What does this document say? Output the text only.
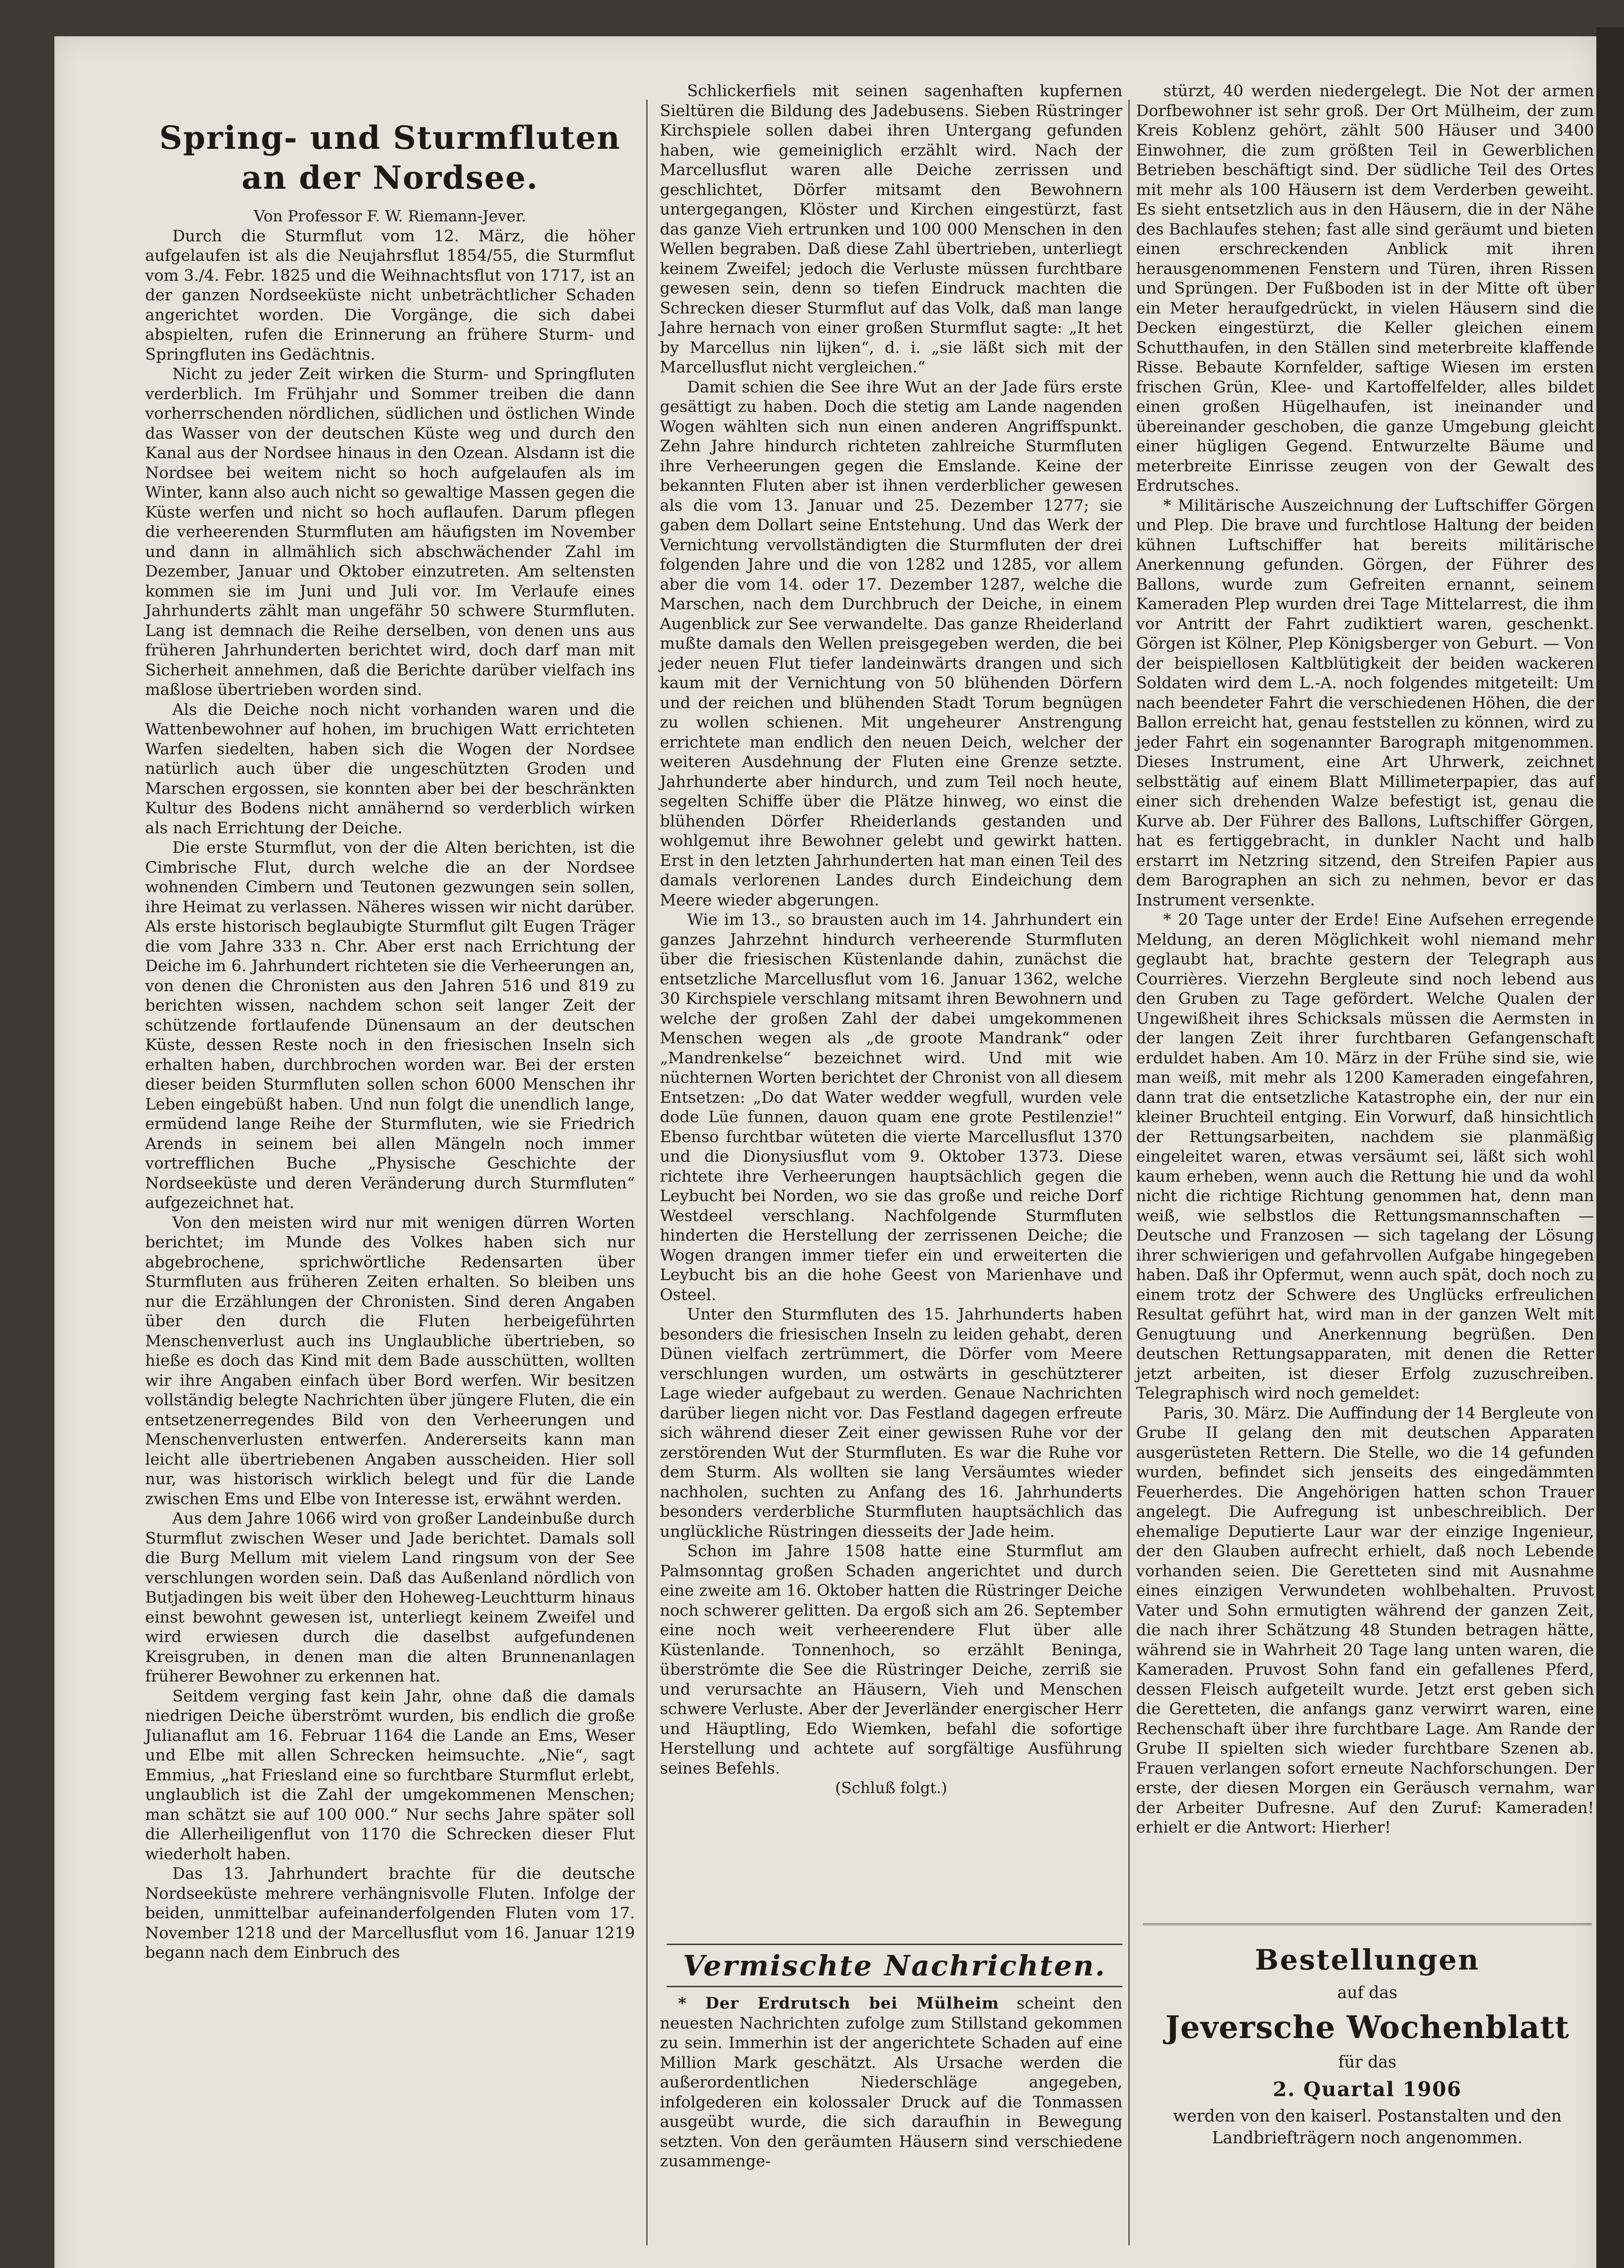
Spring- und Sturmfluten an der Nordsee.

Von Professor F. W. Riemann-Jever.

Durch die Sturmflut vom 12. März, die höher aufgelaufen ist als die Neujahrsflut 1854/55, die Sturmflut vom 3./4. Febr. 1825 und die Weihnachtsflut von 1717, ist an der ganzen Nordseeküste nicht unbeträchtlicher Schaden angerichtet worden. Die Vorgänge, die sich dabei abspielten, rufen die Erinnerung an frühere Sturm- und Springfluten ins Gedächtnis.

Nicht zu jeder Zeit wirken die Sturm- und Springfluten verderblich. Im Frühjahr und Sommer treiben die dann vorherrschenden nördlichen, südlichen und östlichen Winde das Wasser von der deutschen Küste weg und durch den Kanal aus der Nordsee hinaus in den Ozean. Alsdann ist die Nordsee bei weitem nicht so hoch aufgelaufen als im Winter, kann also auch nicht so gewaltige Massen gegen die Küste werfen und nicht so hoch auflaufen. Darum pflegen die verheerenden Sturmfluten am häufigsten im November und dann in allmählich sich abschwächender Zahl im Dezember, Januar und Oktober einzutreten. Am seltensten kommen sie im Juni und Juli vor. Im Verlaufe eines Jahrhunderts zählt man ungefähr 50 schwere Sturmfluten. Lang ist demnach die Reihe derselben, von denen uns aus früheren Jahrhunderten berichtet wird, doch darf man mit Sicherheit annehmen, daß die Berichte darüber vielfach ins maßlose übertrieben worden sind.

Als die Deiche noch nicht vorhanden waren und die Wattenbewohner auf hohen, im bruchigen Watt errichteten Warfen siedelten, haben sich die Wogen der Nordsee natürlich auch über die ungeschützten Groden und Marschen ergossen, sie konnten aber bei der beschränkten Kultur des Bodens nicht annähernd so verderblich wirken als nach Errichtung der Deiche.

Die erste Sturmflut, von der die Alten berichten, ist die Cimbrische Flut, durch welche die an der Nordsee wohnenden Cimbern und Teutonen gezwungen sein sollen, ihre Heimat zu verlassen. Näheres wissen wir nicht darüber. Als erste historisch beglaubigte Sturmflut gilt Eugen Träger die vom Jahre 333 n. Chr. Aber erst nach Errichtung der Deiche im 6. Jahrhundert richteten sie die Verheerungen an, von denen die Chronisten aus den Jahren 516 und 819 zu berichten wissen, nachdem schon seit langer Zeit der schützende fortlaufende Dünensaum an der deutschen Küste, dessen Reste noch in den friesischen Inseln sich erhalten haben, durchbrochen worden war. Bei der ersten dieser beiden Sturmfluten sollen schon 6000 Menschen ihr Leben eingebüßt haben. Und nun folgt die unendlich lange, ermüdend lange Reihe der Sturmfluten, wie sie Friedrich Arends in seinem bei allen Mängeln noch immer vortrefflichen Buche „Physische Geschichte der Nordseeküste und deren Veränderung durch Sturmfluten“ aufgezeichnet hat.

Von den meisten wird nur mit wenigen dürren Worten berichtet; im Munde des Volkes haben sich nur abgebrochene, sprichwörtliche Redensarten über Sturmfluten aus früheren Zeiten erhalten. So bleiben uns nur die Erzählungen der Chronisten. Sind deren Angaben über den durch die Fluten herbeigeführten Menschenverlust auch ins Unglaubliche übertrieben, so hieße es doch das Kind mit dem Bade ausschütten, wollten wir ihre Angaben einfach über Bord werfen. Wir besitzen vollständig belegte Nachrichten über jüngere Fluten, die ein entsetzenerregendes Bild von den Verheerungen und Menschenverlusten entwerfen. Andererseits kann man leicht alle übertriebenen Angaben ausscheiden. Hier soll nur, was historisch wirklich belegt und für die Lande zwischen Ems und Elbe von Interesse ist, erwähnt werden.

Aus dem Jahre 1066 wird von großer Landeinbuße durch Sturmflut zwischen Weser und Jade berichtet. Damals soll die Burg Mellum mit vielem Land ringsum von der See verschlungen worden sein. Daß das Außenland nördlich von Butjadingen bis weit über den Hoheweg-Leuchtturm hinaus einst bewohnt gewesen ist, unterliegt keinem Zweifel und wird erwiesen durch die daselbst aufgefundenen Kreisgruben, in denen man die alten Brunnenanlagen früherer Bewohner zu erkennen hat.

Seitdem verging fast kein Jahr, ohne daß die damals niedrigen Deiche überströmt wurden, bis endlich die große Julianaflut am 16. Februar 1164 die Lande an Ems, Weser und Elbe mit allen Schrecken heimsuchte. „Nie“, sagt Emmius, „hat Friesland eine so furchtbare Sturmflut erlebt, unglaublich ist die Zahl der umgekommenen Menschen; man schätzt sie auf 100 000.“ Nur sechs Jahre später soll die Allerheiligenflut von 1170 die Schrecken dieser Flut wiederholt haben.

Das 13. Jahrhundert brachte für die deutsche Nordseeküste mehrere verhängnisvolle Fluten. Infolge der beiden, unmittelbar aufeinanderfolgenden Fluten vom 17. November 1218 und der Marcellusflut vom 16. Januar 1219 begann nach dem Einbruch des

Schlickerfiels mit seinen sagenhaften kupfernen Sieltüren die Bildung des Jadebusens. Sieben Rüstringer Kirchspiele sollen dabei ihren Untergang gefunden haben, wie gemeiniglich erzählt wird. Nach der Marcellusflut waren alle Deiche zerrissen und geschlichtet, Dörfer mitsamt den Bewohnern untergegangen, Klöster und Kirchen eingestürzt, fast das ganze Vieh ertrunken und 100 000 Menschen in den Wellen begraben. Daß diese Zahl übertrieben, unterliegt keinem Zweifel; jedoch die Verluste müssen furchtbare gewesen sein, denn so tiefen Eindruck machten die Schrecken dieser Sturmflut auf das Volk, daß man lange Jahre hernach von einer großen Sturmflut sagte: „It het by Marcellus nin lijken“, d. i. „sie läßt sich mit der Marcellusflut nicht vergleichen.“

Damit schien die See ihre Wut an der Jade fürs erste gesättigt zu haben. Doch die stetig am Lande nagenden Wogen wählten sich nun einen anderen Angriffspunkt. Zehn Jahre hindurch richteten zahlreiche Sturmfluten ihre Verheerungen gegen die Emslande. Keine der bekannten Fluten aber ist ihnen verderblicher gewesen als die vom 13. Januar und 25. Dezember 1277; sie gaben dem Dollart seine Entstehung. Und das Werk der Vernichtung vervollständigten die Sturmfluten der drei folgenden Jahre und die von 1282 und 1285, vor allem aber die vom 14. oder 17. Dezember 1287, welche die Marschen, nach dem Durchbruch der Deiche, in einem Augenblick zur See verwandelte. Das ganze Rheiderland mußte damals den Wellen preisgegeben werden, die bei jeder neuen Flut tiefer landeinwärts drangen und sich kaum mit der Vernichtung von 50 blühenden Dörfern und der reichen und blühenden Stadt Torum begnügen zu wollen schienen. Mit ungeheurer Anstrengung errichtete man endlich den neuen Deich, welcher der weiteren Ausdehnung der Fluten eine Grenze setzte. Jahrhunderte aber hindurch, und zum Teil noch heute, segelten Schiffe über die Plätze hinweg, wo einst die blühenden Dörfer Rheiderlands gestanden und wohlgemut ihre Bewohner gelebt und gewirkt hatten. Erst in den letzten Jahrhunderten hat man einen Teil des damals verlorenen Landes durch Eindeichung dem Meere wieder abgerungen.

Wie im 13., so brausten auch im 14. Jahrhundert ein ganzes Jahrzehnt hindurch verheerende Sturmfluten über die friesischen Küstenlande dahin, zunächst die entsetzliche Marcellusflut vom 16. Januar 1362, welche 30 Kirchspiele verschlang mitsamt ihren Bewohnern und welche der großen Zahl der dabei umgekommenen Menschen wegen als „de groote Mandrank“ oder „Mandrenkelse“ bezeichnet wird. Und mit wie nüchternen Worten berichtet der Chronist von all diesem Entsetzen: „Do dat Water wedder wegfull, wurden vele dode Lüe funnen, dauon quam ene grote Pestilenzie!“ Ebenso furchtbar wüteten die vierte Marcellusflut 1370 und die Dionysiusflut vom 9. Oktober 1373. Diese richtete ihre Verheerungen hauptsächlich gegen die Leybucht bei Norden, wo sie das große und reiche Dorf Westdeel verschlang. Nachfolgende Sturmfluten hinderten die Herstellung der zerrissenen Deiche; die Wogen drangen immer tiefer ein und erweiterten die Leybucht bis an die hohe Geest von Marienhave und Osteel.

Unter den Sturmfluten des 15. Jahrhunderts haben besonders die friesischen Inseln zu leiden gehabt, deren Dünen vielfach zertrümmert, die Dörfer vom Meere verschlungen wurden, um ostwärts in geschützterer Lage wieder aufgebaut zu werden. Genaue Nachrichten darüber liegen nicht vor. Das Festland dagegen erfreute sich während dieser Zeit einer gewissen Ruhe vor der zerstörenden Wut der Sturmfluten. Es war die Ruhe vor dem Sturm. Als wollten sie lang Versäumtes wieder nachholen, suchten zu Anfang des 16. Jahrhunderts besonders verderbliche Sturmfluten hauptsächlich das unglückliche Rüstringen diesseits der Jade heim.

Schon im Jahre 1508 hatte eine Sturmflut am Palmsonntag großen Schaden angerichtet und durch eine zweite am 16. Oktober hatten die Rüstringer Deiche noch schwerer gelitten. Da ergoß sich am 26. September eine noch weit verheerendere Flut über alle Küstenlande. Tonnenhoch, so erzählt Beninga, überströmte die See die Rüstringer Deiche, zerriß sie und verursachte an Häusern, Vieh und Menschen schwere Verluste. Aber der Jeverländer energischer Herr und Häuptling, Edo Wiemken, befahl die sofortige Herstellung und achtete auf sorgfältige Ausführung seines Befehls.

(Schluß folgt.)

Vermischte Nachrichten.

* Der Erdrutsch bei Mülheim scheint den neuesten Nachrichten zufolge zum Stillstand gekommen zu sein. Immerhin ist der angerichtete Schaden auf eine Million Mark geschätzt. Als Ursache werden die außerordentlichen Niederschläge angegeben, infolgederen ein kolossaler Druck auf die Tonmassen ausgeübt wurde, die sich daraufhin in Bewegung setzten. Von den geräumten Häusern sind verschiedene zusammenge-

stürzt, 40 werden niedergelegt. Die Not der armen Dorfbewohner ist sehr groß. Der Ort Mülheim, der zum Kreis Koblenz gehört, zählt 500 Häuser und 3400 Einwohner, die zum größten Teil in Gewerblichen Betrieben beschäftigt sind. Der südliche Teil des Ortes mit mehr als 100 Häusern ist dem Verderben geweiht. Es sieht entsetzlich aus in den Häusern, die in der Nähe des Bachlaufes stehen; fast alle sind geräumt und bieten einen erschreckenden Anblick mit ihren herausgenommenen Fenstern und Türen, ihren Rissen und Sprüngen. Der Fußboden ist in der Mitte oft über ein Meter heraufgedrückt, in vielen Häusern sind die Decken eingestürzt, die Keller gleichen einem Schutthaufen, in den Ställen sind meterbreite klaffende Risse. Bebaute Kornfelder, saftige Wiesen im ersten frischen Grün, Klee- und Kartoffelfelder, alles bildet einen großen Hügelhaufen, ist ineinander und übereinander geschoben, die ganze Umgebung gleicht einer hügligen Gegend. Entwurzelte Bäume und meterbreite Einrisse zeugen von der Gewalt des Erdrutsches.

* Militärische Auszeichnung der Luftschiffer Görgen und Plep. Die brave und furchtlose Haltung der beiden kühnen Luftschiffer hat bereits militärische Anerkennung gefunden. Görgen, der Führer des Ballons, wurde zum Gefreiten ernannt, seinem Kameraden Plep wurden drei Tage Mittelarrest, die ihm vor Antritt der Fahrt zudiktiert waren, geschenkt. Görgen ist Kölner, Plep Königsberger von Geburt. — Von der beispiellosen Kaltblütigkeit der beiden wackeren Soldaten wird dem L.-A. noch folgendes mitgeteilt: Um nach beendeter Fahrt die verschiedenen Höhen, die der Ballon erreicht hat, genau feststellen zu können, wird zu jeder Fahrt ein sogenannter Barograph mitgenommen. Dieses Instrument, eine Art Uhrwerk, zeichnet selbsttätig auf einem Blatt Millimeterpapier, das auf einer sich drehenden Walze befestigt ist, genau die Kurve ab. Der Führer des Ballons, Luftschiffer Görgen, hat es fertiggebracht, in dunkler Nacht und halb erstarrt im Netzring sitzend, den Streifen Papier aus dem Barographen an sich zu nehmen, bevor er das Instrument versenkte.

* 20 Tage unter der Erde! Eine Aufsehen erregende Meldung, an deren Möglichkeit wohl niemand mehr geglaubt hat, brachte gestern der Telegraph aus Courrières. Vierzehn Bergleute sind noch lebend aus den Gruben zu Tage gefördert. Welche Qualen der Ungewißheit ihres Schicksals müssen die Aermsten in der langen Zeit ihrer furchtbaren Gefangenschaft erduldet haben. Am 10. März in der Frühe sind sie, wie man weiß, mit mehr als 1200 Kameraden eingefahren, dann trat die entsetzliche Katastrophe ein, der nur ein kleiner Bruchteil entging. Ein Vorwurf, daß hinsichtlich der Rettungsarbeiten, nachdem sie planmäßig eingeleitet waren, etwas versäumt sei, läßt sich wohl kaum erheben, wenn auch die Rettung hie und da wohl nicht die richtige Richtung genommen hat, denn man weiß, wie selbstlos die Rettungsmannschaften — Deutsche und Franzosen — sich tagelang der Lösung ihrer schwierigen und gefahrvollen Aufgabe hingegeben haben. Daß ihr Opfermut, wenn auch spät, doch noch zu einem trotz der Schwere des Unglücks erfreulichen Resultat geführt hat, wird man in der ganzen Welt mit Genugtuung und Anerkennung begrüßen. Den deutschen Rettungsapparaten, mit denen die Retter jetzt arbeiten, ist dieser Erfolg zuzuschreiben. Telegraphisch wird noch gemeldet:

Paris, 30. März. Die Auffindung der 14 Bergleute von Grube II gelang den mit deutschen Apparaten ausgerüsteten Rettern. Die Stelle, wo die 14 gefunden wurden, befindet sich jenseits des eingedämmten Feuerherdes. Die Angehörigen hatten schon Trauer angelegt. Die Aufregung ist unbeschreiblich. Der ehemalige Deputierte Laur war der einzige Ingenieur, der den Glauben aufrecht erhielt, daß noch Lebende vorhanden seien. Die Geretteten sind mit Ausnahme eines einzigen Verwundeten wohlbehalten. Pruvost Vater und Sohn ermutigten während der ganzen Zeit, die nach ihrer Schätzung 48 Stunden betragen hätte, während sie in Wahrheit 20 Tage lang unten waren, die Kameraden. Pruvost Sohn fand ein gefallenes Pferd, dessen Fleisch aufgeteilt wurde. Jetzt erst geben sich die Geretteten, die anfangs ganz verwirrt waren, eine Rechenschaft über ihre furchtbare Lage. Am Rande der Grube II spielten sich wieder furchtbare Szenen ab. Frauen verlangen sofort erneute Nachforschungen. Der erste, der diesen Morgen ein Geräusch vernahm, war der Arbeiter Dufresne. Auf den Zuruf: Kameraden! erhielt er die Antwort: Hierher!

Bestellungen
auf das
Jeversche Wochenblatt
für das
2. Quartal 1906
werden von den kaiserl. Postanstalten und den Landbriefträgern noch angenommen.
